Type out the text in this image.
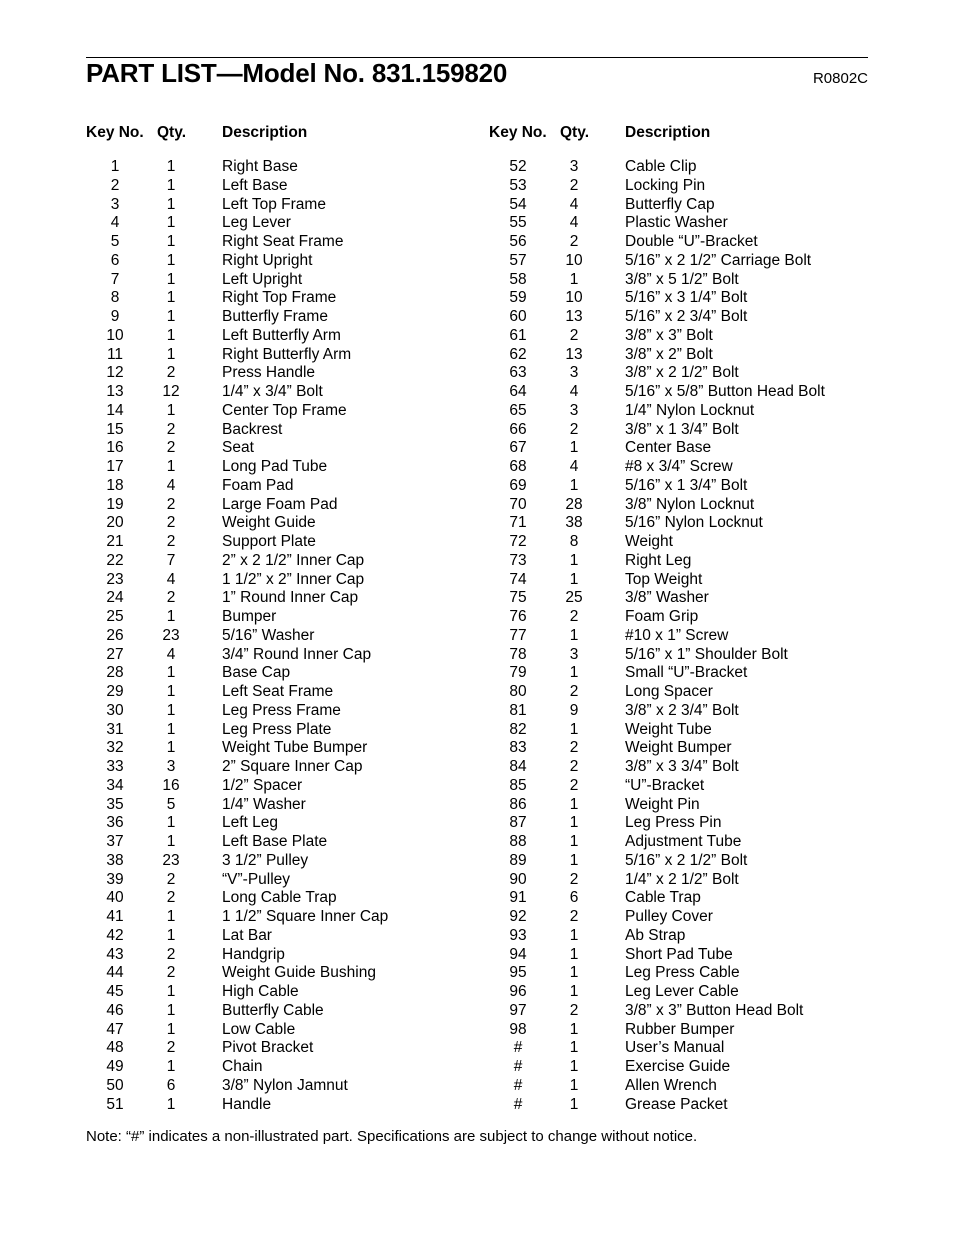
PART LIST—Model No. 831.159820	R0802C
Key No. Qty. Description
1	1	Right Base
2	1	Left Base
3	1	Left Top Frame
4	1	Leg Lever
5	1	Right Seat Frame
6	1	Right Upright
7	1	Left Upright
8	1	Right Top Frame
9	1	Butterfly Frame
10	1	Left Butterfly Arm
11	1	Right Butterfly Arm
12	2	Press Handle
13	12	1/4” x 3/4” Bolt
14	1	Center Top Frame
15	2	Backrest
16	2	Seat
17	1	Long Pad Tube
18	4	Foam Pad
19	2	Large Foam Pad
20	2	Weight Guide
21	2	Support Plate
22	7	2” x 2 1/2” Inner Cap
23	4	1 1/2” x 2” Inner Cap
24	2	1” Round Inner Cap
25	1	Bumper
26	23	5/16” Washer
27	4	3/4” Round Inner Cap
28	1	Base Cap
29	1	Left Seat Frame
30	1	Leg Press Frame
31	1	Leg Press Plate
32	1	Weight Tube Bumper
33	3	2” Square Inner Cap
34	16	1/2” Spacer
35	5	1/4” Washer
36	1	Left Leg
37	1	Left Base Plate
38	23	3 1/2” Pulley
39	2	“V”-Pulley
40	2	Long Cable Trap
41	1	1 1/2” Square Inner Cap
42	1	Lat Bar
43	2	Handgrip
44	2	Weight Guide Bushing
45	1	High Cable
46	1	Butterfly Cable
47	1	Low Cable
48	2	Pivot Bracket
49	1	Chain
50	6	3/8” Nylon Jamnut
51	1	Handle
Key No. Qty. Description
52	3	Cable Clip
53	2	Locking Pin
54	4	Butterfly Cap
55	4	Plastic Washer
56	2	Double “U”-Bracket
57	10	5/16” x 2 1/2” Carriage Bolt
58	1	3/8” x 5 1/2” Bolt
59	10	5/16” x 3 1/4” Bolt
60	13	5/16” x 2 3/4” Bolt
61	2	3/8” x 3” Bolt
62	13	3/8” x 2” Bolt
63	3	3/8” x 2 1/2” Bolt
64	4	5/16” x 5/8” Button Head Bolt
65	3	1/4” Nylon Locknut
66	2	3/8” x 1 3/4” Bolt
67	1	Center Base
68	4	#8 x 3/4” Screw
69	1	5/16” x 1 3/4” Bolt
70	28	3/8” Nylon Locknut
71	38	5/16” Nylon Locknut
72	8	Weight
73	1	Right Leg
74	1	Top Weight
75	25	3/8” Washer
76	2	Foam Grip
77	1	#10 x 1” Screw
78	3	5/16” x 1” Shoulder Bolt
79	1	Small “U”-Bracket
80	2	Long Spacer
81	9	3/8” x 2 3/4” Bolt
82	1	Weight Tube
83	2	Weight Bumper
84	2	3/8” x 3 3/4” Bolt
85	2	“U”-Bracket
86	1	Weight Pin
87	1	Leg Press Pin
88	1	Adjustment Tube
89	1	5/16” x 2 1/2” Bolt
90	2	1/4” x 2 1/2” Bolt
91	6	Cable Trap
92	2	Pulley Cover
93	1	Ab Strap
94	1	Short Pad Tube
95	1	Leg Press Cable
96	1	Leg Lever Cable
97	2	3/8” x 3” Button Head Bolt
98	1	Rubber Bumper
#	1	User’s Manual
#	1	Exercise Guide
#	1	Allen Wrench
#	1	Grease Packet
Note: “#” indicates a non-illustrated part. Specifications are subject to change without notice.
